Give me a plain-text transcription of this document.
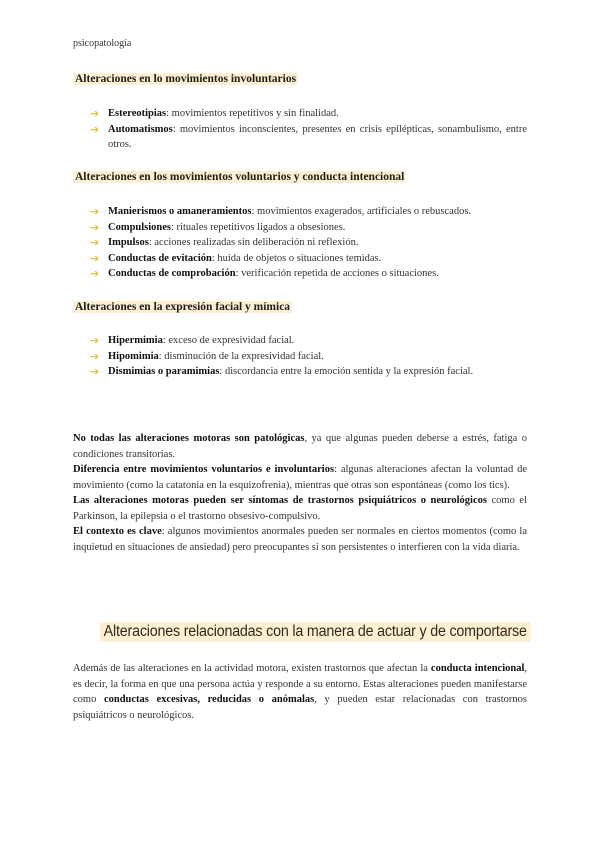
psicopatología
Alteraciones en lo movimientos involuntarios
➔ Estereotipias: movimientos repetitivos y sin finalidad.
➔ Automatismos: movimientos inconscientes, presentes en crisis epilépticas, sonambulismo, entre otros.
Alteraciones en los movimientos voluntarios y conducta intencional
➔ Manierismos o amaneramientos: movimientos exagerados, artificiales o rebuscados.
➔ Compulsiones: rituales repetitivos ligados a obsesiones.
➔ Impulsos: acciones realizadas sin deliberación ni reflexión.
➔ Conductas de evitación: huida de objetos o situaciones temidas.
➔ Conductas de comprobación: verificación repetida de acciones o situaciones.
Alteraciones en la expresión facial y mímica
➔ Hipermimia: exceso de expresividad facial.
➔ Hipomimia: disminución de la expresividad facial.
➔ Dismimias o paramimias: discordancia entre la emoción sentida y la expresión facial.

No todas las alteraciones motoras son patológicas, ya que algunas pueden deberse a estrés, fatiga o condiciones transitorias.

Diferencia entre movimientos voluntarios e involuntarios: algunas alteraciones afectan la voluntad de movimiento (como la catatonia en la esquizofrenia), mientras que otras son espontáneas (como los tics).

Las alteraciones motoras pueden ser síntomas de trastornos psiquiátricos o neurológicos como el Parkinson, la epilepsia o el trastorno obsesivo-compulsivo.

El contexto es clave: algunos movimientos anormales pueden ser normales en ciertos momentos (como la inquietud en situaciones de ansiedad) pero preocupantes si son persistentes o interfieren con la vida diaria.

Alteraciones relacionadas con la manera de actuar y de comportarse

Además de las alteraciones en la actividad motora, existen trastornos que afectan la conducta intencional, es decir, la forma en que una persona actúa y responde a su entorno. Estas alteraciones pueden manifestarse como conductas excesivas, reducidas o anómalas, y pueden estar relacionadas con trastornos psiquiátricos o neurológicos.
